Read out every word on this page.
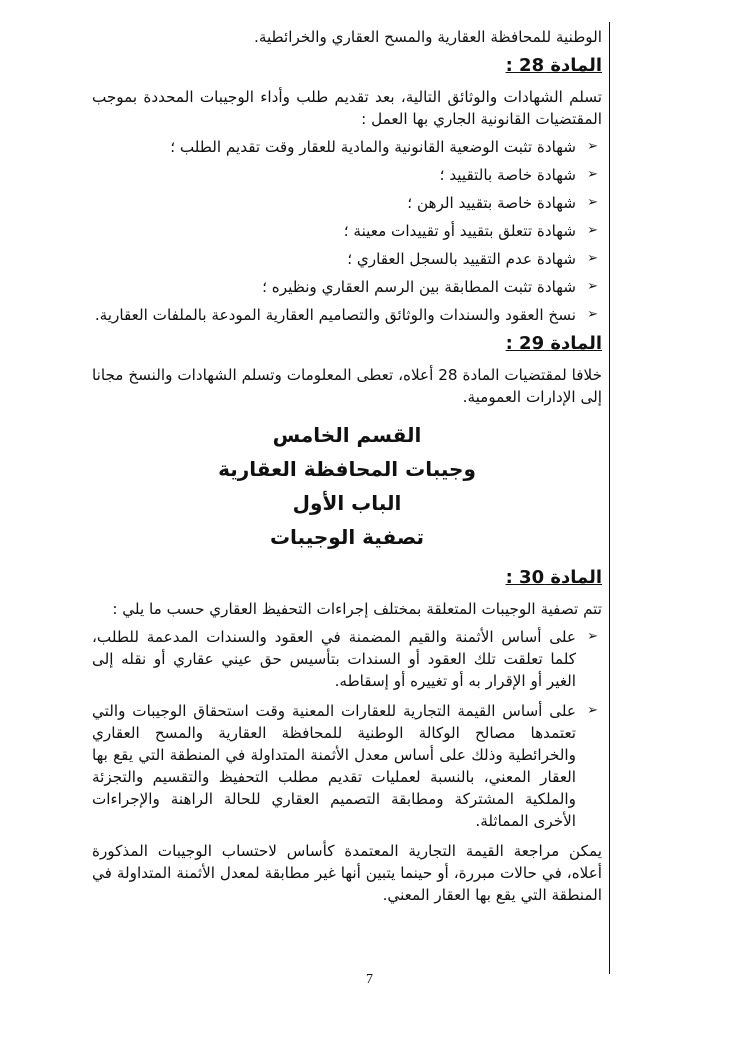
الوطنية للمحافظة العقارية والمسح العقاري والخرائطية.

المادة 28 :

تسلم الشهادات والوثائق التالية، بعد تقديم طلب وأداء الوجيبات المحددة بموجب المقتضيات القانونية الجاري بها العمل :

➢
شهادة تثبت الوضعية القانونية والمادية للعقار وقت تقديم الطلب ؛
➢
شهادة خاصة بالتقييد ؛
➢
شهادة خاصة بتقييد الرهن ؛
➢
شهادة تتعلق بتقييد أو تقييدات معينة ؛
➢
شهادة عدم التقييد بالسجل العقاري ؛
➢
شهادة تثبت المطابقة بين الرسم العقاري ونظيره ؛
➢
نسخ العقود والسندات والوثائق والتصاميم العقارية المودعة بالملفات العقارية.
المادة 29 :

خلافا لمقتضيات المادة 28 أعلاه، تعطى المعلومات وتسلم الشهادات والنسخ مجانا إلى الإدارات العمومية.

القسم الخامس
وجيبات المحافظة العقارية
الباب الأول
تصفية الوجيبات
المادة 30 :

تتم تصفية الوجيبات المتعلقة بمختلف إجراءات التحفيظ العقاري حسب ما يلي :

➢
على أساس الأثمنة والقيم المضمنة في العقود والسندات المدعمة للطلب، كلما تعلقت تلك العقود أو السندات بتأسيس حق عيني عقاري أو نقله إلى الغير أو الإقرار به أو تغييره أو إسقاطه.
➢
على أساس القيمة التجارية للعقارات المعنية وقت استحقاق الوجيبات والتي تعتمدها مصالح الوكالة الوطنية للمحافظة العقارية والمسح العقاري والخرائطية وذلك على أساس معدل الأثمنة المتداولة في المنطقة التي يقع بها العقار المعني، بالنسبة لعمليات تقديم مطلب التحفيظ والتقسيم والتجزئة والملكية المشتركة ومطابقة التصميم العقاري للحالة الراهنة والإجراءات الأخرى المماثلة.

يمكن مراجعة القيمة التجارية المعتمدة كأساس لاحتساب الوجيبات المذكورة أعلاه، في حالات مبررة، أو حينما يتبين أنها غير مطابقة لمعدل الأثمنة المتداولة في المنطقة التي يقع بها العقار المعني.

7
